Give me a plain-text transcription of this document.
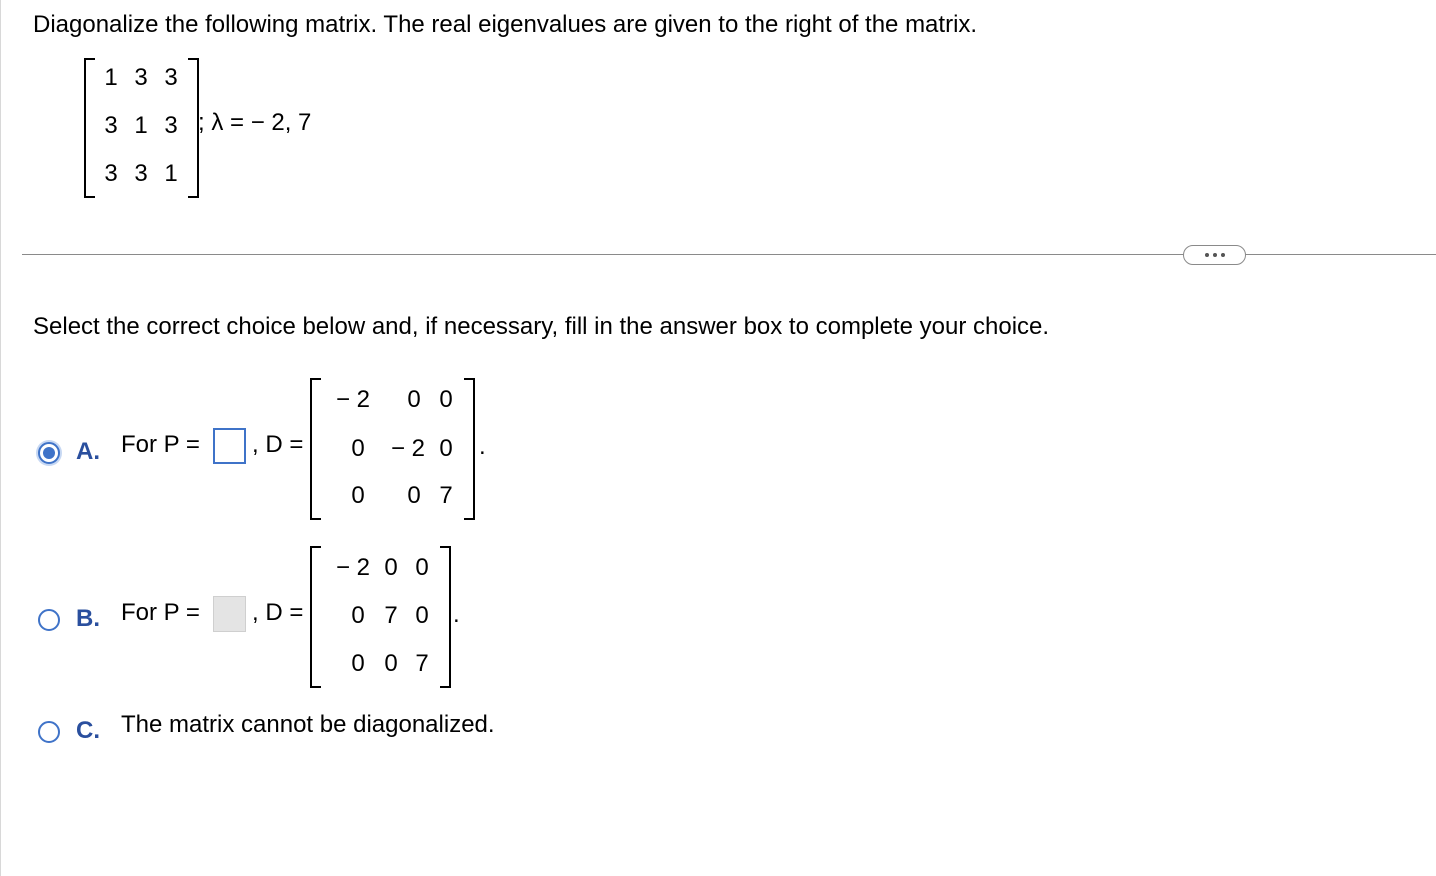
Diagonalize the following matrix. The real eigenvalues are given to the right of the matrix.
1 3 3
3 1 3
3 3 1
; λ = − 2, 7
Select the correct choice below and, if necessary, fill in the answer box to complete your choice.
A. For P = , D =
− 2 0 0
0	− 2 0
0	0 7
.
B. For P = , D =
− 2 0 0
0 7 0
0 0 7
.
C. The matrix cannot be diagonalized.
